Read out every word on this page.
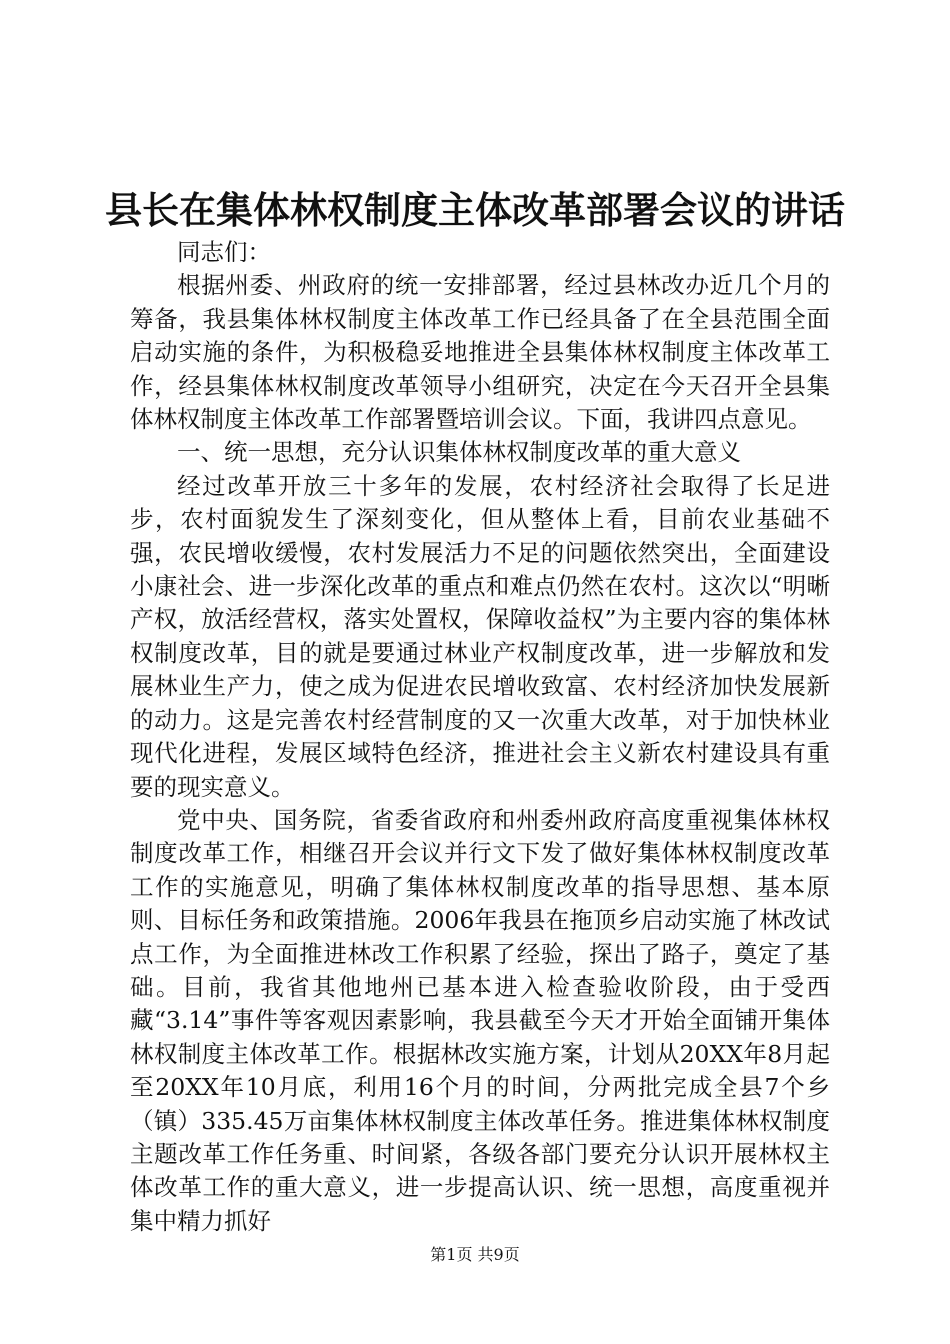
县长在集体林权制度主体改革部署会议的讲话

同志们：

根据州委、州政府的统一安排部署，经过县林改办近几个月的筹备，我县集体林权制度主体改革工作已经具备了在全县范围全面启动实施的条件，为积极稳妥地推进全县集体林权制度主体改革工作，经县集体林权制度改革领导小组研究，决定在今天召开全县集体林权制度主体改革工作部署暨培训会议。下面，我讲四点意见。

一、统一思想，充分认识集体林权制度改革的重大意义

经过改革开放三十多年的发展，农村经济社会取得了长足进步，农村面貌发生了深刻变化，但从整体上看，目前农业基础不强，农民增收缓慢，农村发展活力不足的问题依然突出，全面建设小康社会、进一步深化改革的重点和难点仍然在农村。这次以“明晰产权，放活经营权，落实处置权，保障收益权”为主要内容的集体林权制度改革，目的就是要通过林业产权制度改革，进一步解放和发展林业生产力，使之成为促进农民增收致富、农村经济加快发展新的动力。这是完善农村经营制度的又一次重大改革，对于加快林业现代化进程，发展区域特色经济，推进社会主义新农村建设具有重要的现实意义。

党中央、国务院，省委省政府和州委州政府高度重视集体林权制度改革工作，相继召开会议并行文下发了做好集体林权制度改革工作的实施意见，明确了集体林权制度改革的指导思想、基本原则、目标任务和政策措施。2006年我县在拖顶乡启动实施了林改试点工作，为全面推进林改工作积累了经验，探出了路子，奠定了基础。目前，我省其他地州已基本进入检查验收阶段，由于受西藏“3.14”事件等客观因素影响，我县截至今天才开始全面铺开集体林权制度主体改革工作。根据林改实施方案，计划从20XX年8月起至20XX年10月底，利用16个月的时间，分两批完成全县7个乡（镇）335.45万亩集体林权制度主体改革任务。推进集体林权制度主题改革工作任务重、时间紧，各级各部门要充分认识开展林权主体改革工作的重大意义，进一步提高认识、统一思想，高度重视并集中精力抓好

第1页 共9页
